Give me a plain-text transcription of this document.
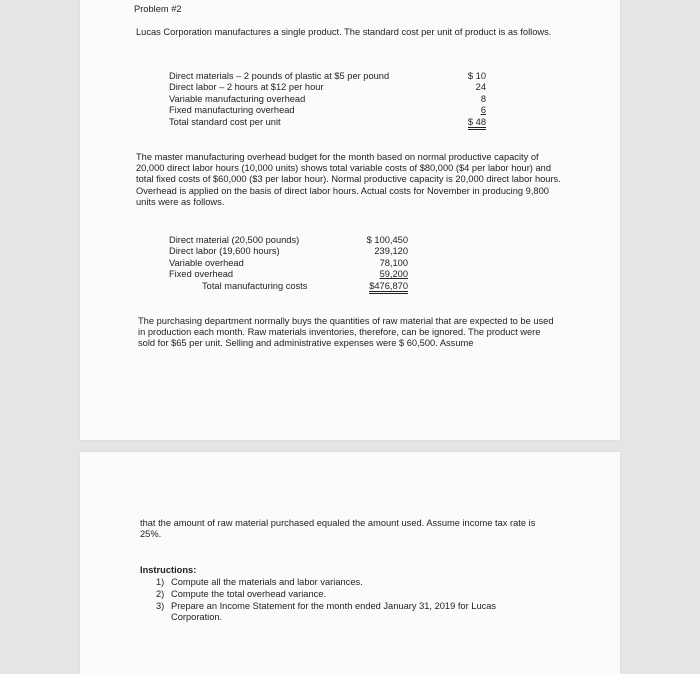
Problem #2
Lucas Corporation manufactures a single product. The standard cost per unit of product is as follows.
Direct materials – 2 pounds of plastic at $5 per pound	$ 10
Direct labor – 2 hours at $12 per hour	24
Variable manufacturing overhead	8
Fixed manufacturing overhead	6
Total standard cost per unit	$ 48
The master manufacturing overhead budget for the month based on normal productive capacity of 20,000 direct labor hours (10,000 units) shows total variable costs of $80,000 ($4 per labor hour) and total fixed costs of $60,000 ($3 per labor hour). Normal productive capacity is 20,000 direct labor hours. Overhead is applied on the basis of direct labor hours. Actual costs for November in producing 9,800 units were as follows.
Direct material (20,500 pounds)	$ 100,450
Direct labor (19,600 hours)	239,120
Variable overhead	78,100
Fixed overhead	59,200
Total manufacturing costs	$476,870
The purchasing department normally buys the quantities of raw material that are expected to be used in production each month. Raw materials inventories, therefore, can be ignored. The product were sold for $65 per unit. Selling and administrative expenses were $ 60,500. Assume
that the amount of raw material purchased equaled the amount used. Assume income tax rate is 25%.
Instructions:
1) Compute all the materials and labor variances.
2) Compute the total overhead variance.
3) Prepare an Income Statement for the month ended January 31, 2019 for Lucas Corporation.
